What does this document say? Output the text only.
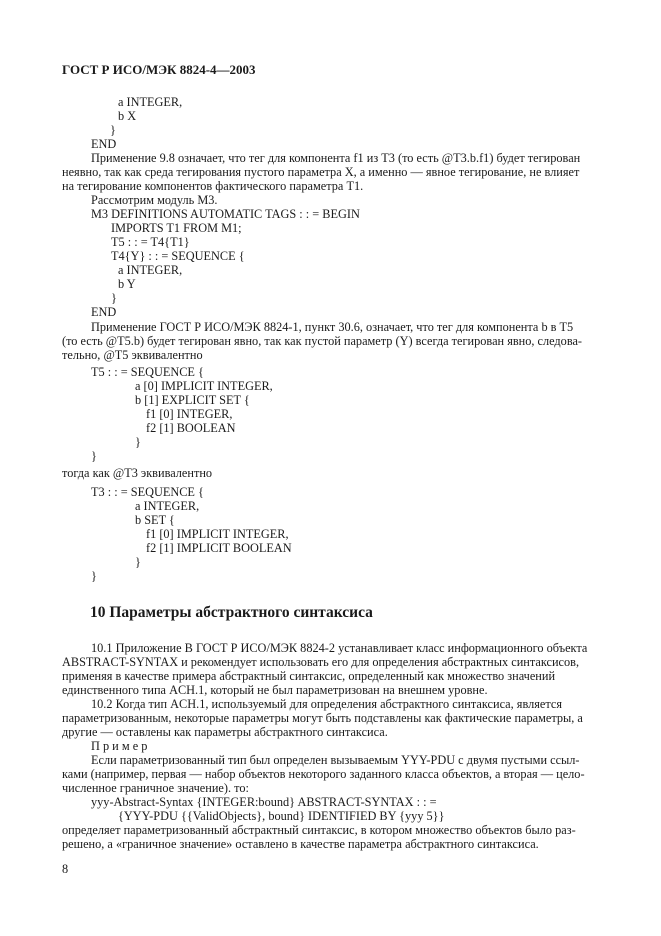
ГОСТ Р ИСО/МЭК 8824-4—2003
a INTEGER,
b X
}
END
Применение 9.8 означает, что тег для компонента f1 из T3 (то есть @T3.b.f1) будет тегирован
неявно, так как среда тегирования пустого параметра X, а именно — явное тегирование, не влияет
на тегирование компонентов фактического параметра T1.
Рассмотрим модуль M3.
M3 DEFINITIONS AUTOMATIC TAGS : : = BEGIN
IMPORTS T1 FROM M1;
T5 : : = T4{T1}
T4{Y} : : = SEQUENCE {
a INTEGER,
b Y
}
END
Применение ГОСТ Р ИСО/МЭК 8824-1, пункт 30.6, означает, что тег для компонента b в T5
(то есть @T5.b) будет тегирован явно, так как пустой параметр (Y) всегда тегирован явно, следова-
тельно, @T5 эквивалентно
T5 : : = SEQUENCE {
a [0] IMPLICIT INTEGER,
b [1] EXPLICIT SET {
f1 [0] INTEGER,
f2 [1] BOOLEAN
}
}
тогда как @T3 эквивалентно
T3 : : = SEQUENCE {
a INTEGER,
b SET {
f1 [0] IMPLICIT INTEGER,
f2 [1] IMPLICIT BOOLEAN
}
}
10 Параметры абстрактного синтаксиса
10.1 Приложение B ГОСТ Р ИСО/МЭК 8824-2 устанавливает класс информационного объекта
ABSTRACT-SYNTAX и рекомендует использовать его для определения абстрактных синтаксисов,
применяя в качестве примера абстрактный синтаксис, определенный как множество значений
единственного типа ACH.1, который не был параметризован на внешнем уровне.
10.2 Когда тип ACH.1, используемый для определения абстрактного синтаксиса, является
параметризованным, некоторые параметры могут быть подставлены как фактические параметры, а
другие — оставлены как параметры абстрактного синтаксиса.
П р и м е р
Если параметризованный тип был определен вызываемым YYY-PDU с двумя пустыми ссыл-
ками (например, первая — набор объектов некоторого заданного класса объектов, а вторая — цело-
численное граничное значение). то:
yyy-Abstract-Syntax {INTEGER:bound} ABSTRACT-SYNTAX : : =
{YYY-PDU {{ValidObjects}, bound} IDENTIFIED BY {yyy 5}}
определяет параметризованный абстрактный синтаксис, в котором множество объектов было раз-
решено, а «граничное значение» оставлено в качестве параметра абстрактного синтаксиса.
8
